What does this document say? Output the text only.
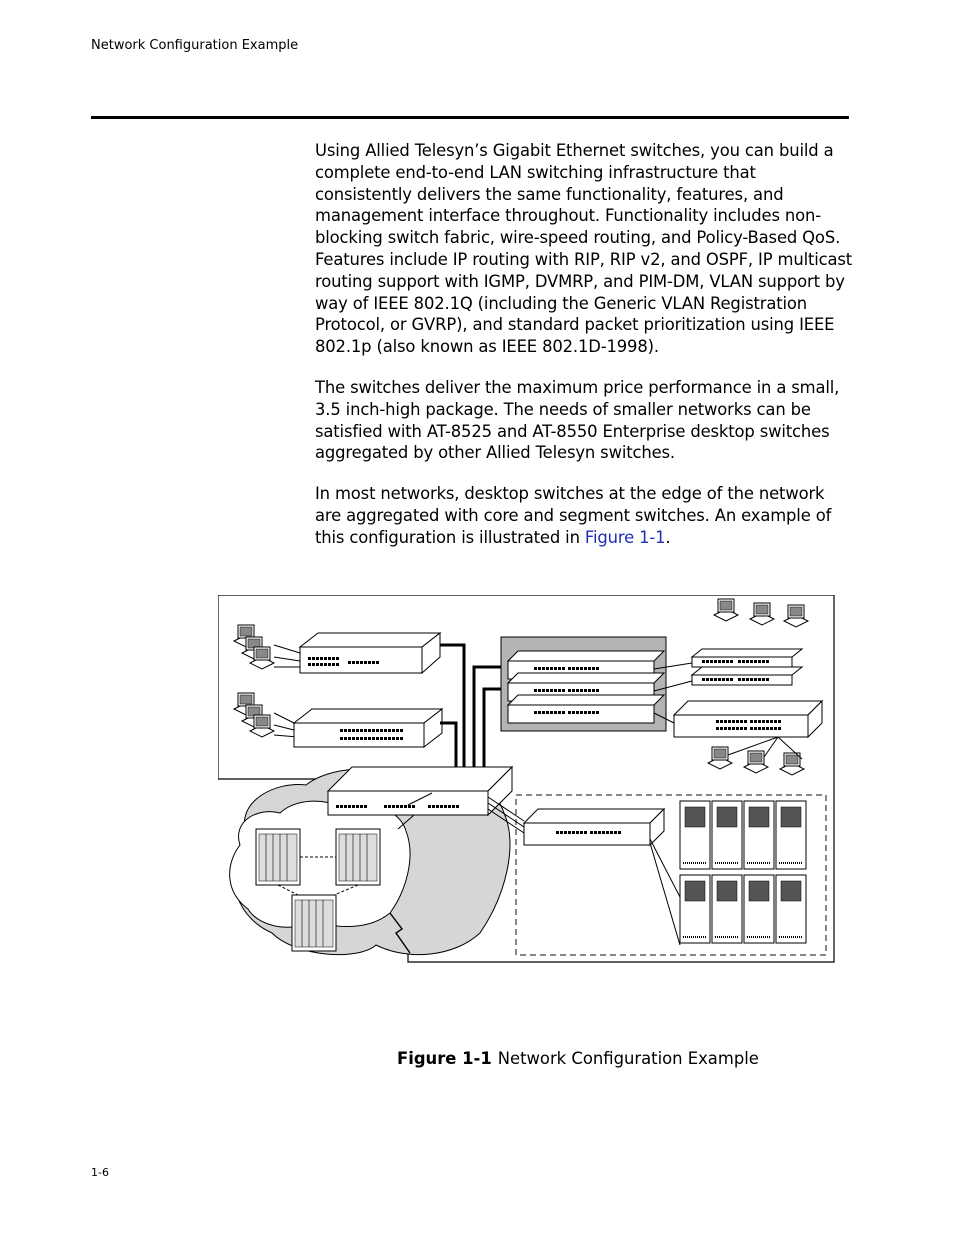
Network Configuration Example

Using Allied Telesyn’s Gigabit Ethernet switches, you can build a complete end-to-end LAN switching infrastructure that consistently delivers the same functionality, features, and management interface throughout. Functionality includes non-blocking switch fabric, wire-speed routing, and Policy-Based QoS. Features include IP routing with RIP, RIP v2, and OSPF, IP multicast routing support with IGMP, DVMRP, and PIM-DM, VLAN support by way of IEEE 802.1Q (including the Generic VLAN Registration Protocol, or GVRP), and standard packet prioritization using IEEE 802.1p (also known as IEEE 802.1D-1998).

The switches deliver the maximum price performance in a small, 3.5 inch-high package. The needs of smaller networks can be satisfied with AT-8525 and AT-8550 Enterprise desktop switches aggregated by other Allied Telesyn switches.

In most networks, desktop switches at the edge of the network are aggregated with core and segment switches. An example of this configuration is illustrated in Figure 1-1.

Figure 1-1 Network Configuration Example
1-6
